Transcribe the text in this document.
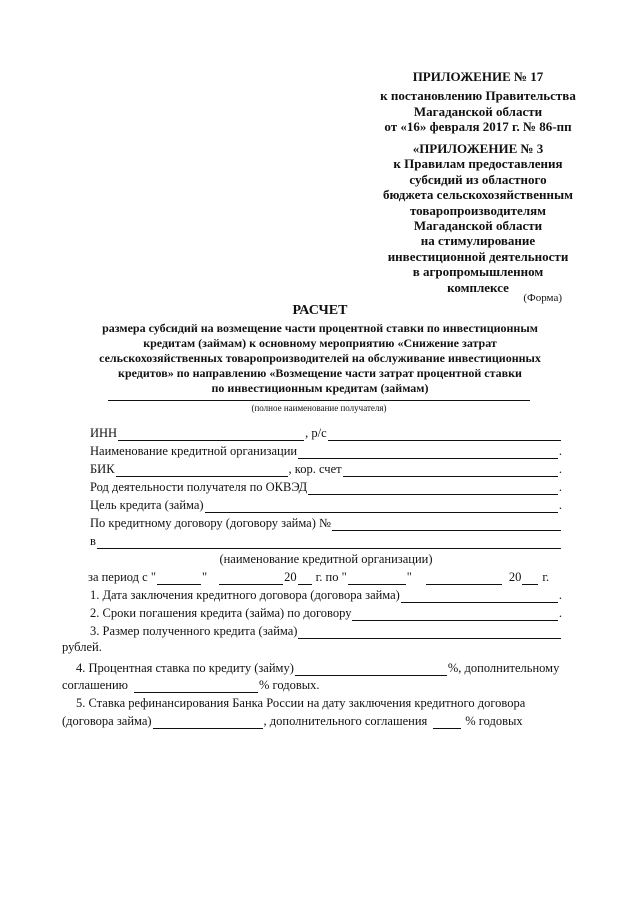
ПРИЛОЖЕНИЕ № 17
к постановлению Правительства
Магаданской области
от «16» февраля 2017 г. № 86-пп
«ПРИЛОЖЕНИЕ № 3
к Правилам предоставления
субсидий из областного
бюджета сельскохозяйственным
товаропроизводителям
Магаданской области
на стимулирование
инвестиционной деятельности
в агропромышленном
комплексе
(Форма)
РАСЧЕТ
размера субсидий на возмещение части процентной ставки по инвестиционным
кредитам (займам) к основному мероприятию «Снижение затрат
сельскохозяйственных товаропроизводителей на обслуживание инвестиционных
кредитов» по направлению «Возмещение части затрат процентной ставки
по инвестиционным кредитам (займам)
(полное наименование получателя)
ИНН	, р/с
Наименование кредитной организации	.
БИК	, кор. счет	.
Род деятельности получателя по ОКВЭД	.
Цель кредита (займа)	.
По кредитному договору (договору займа) №
в
(наименование кредитной организации)
за период с "	"	20 г. по "	"	20 г.
1. Дата заключения кредитного договора (договора займа)	.
2. Сроки погашения кредита (займа) по договору	.
3. Размер полученного кредита (займа)
рублей.
4. Процентная ставка по кредиту (займу)	%, дополнительному
соглашению	% годовых.
5. Ставка рефинансирования Банка России на дату заключения кредитного договора
(договора займа)	, дополнительного соглашения	% годовых
